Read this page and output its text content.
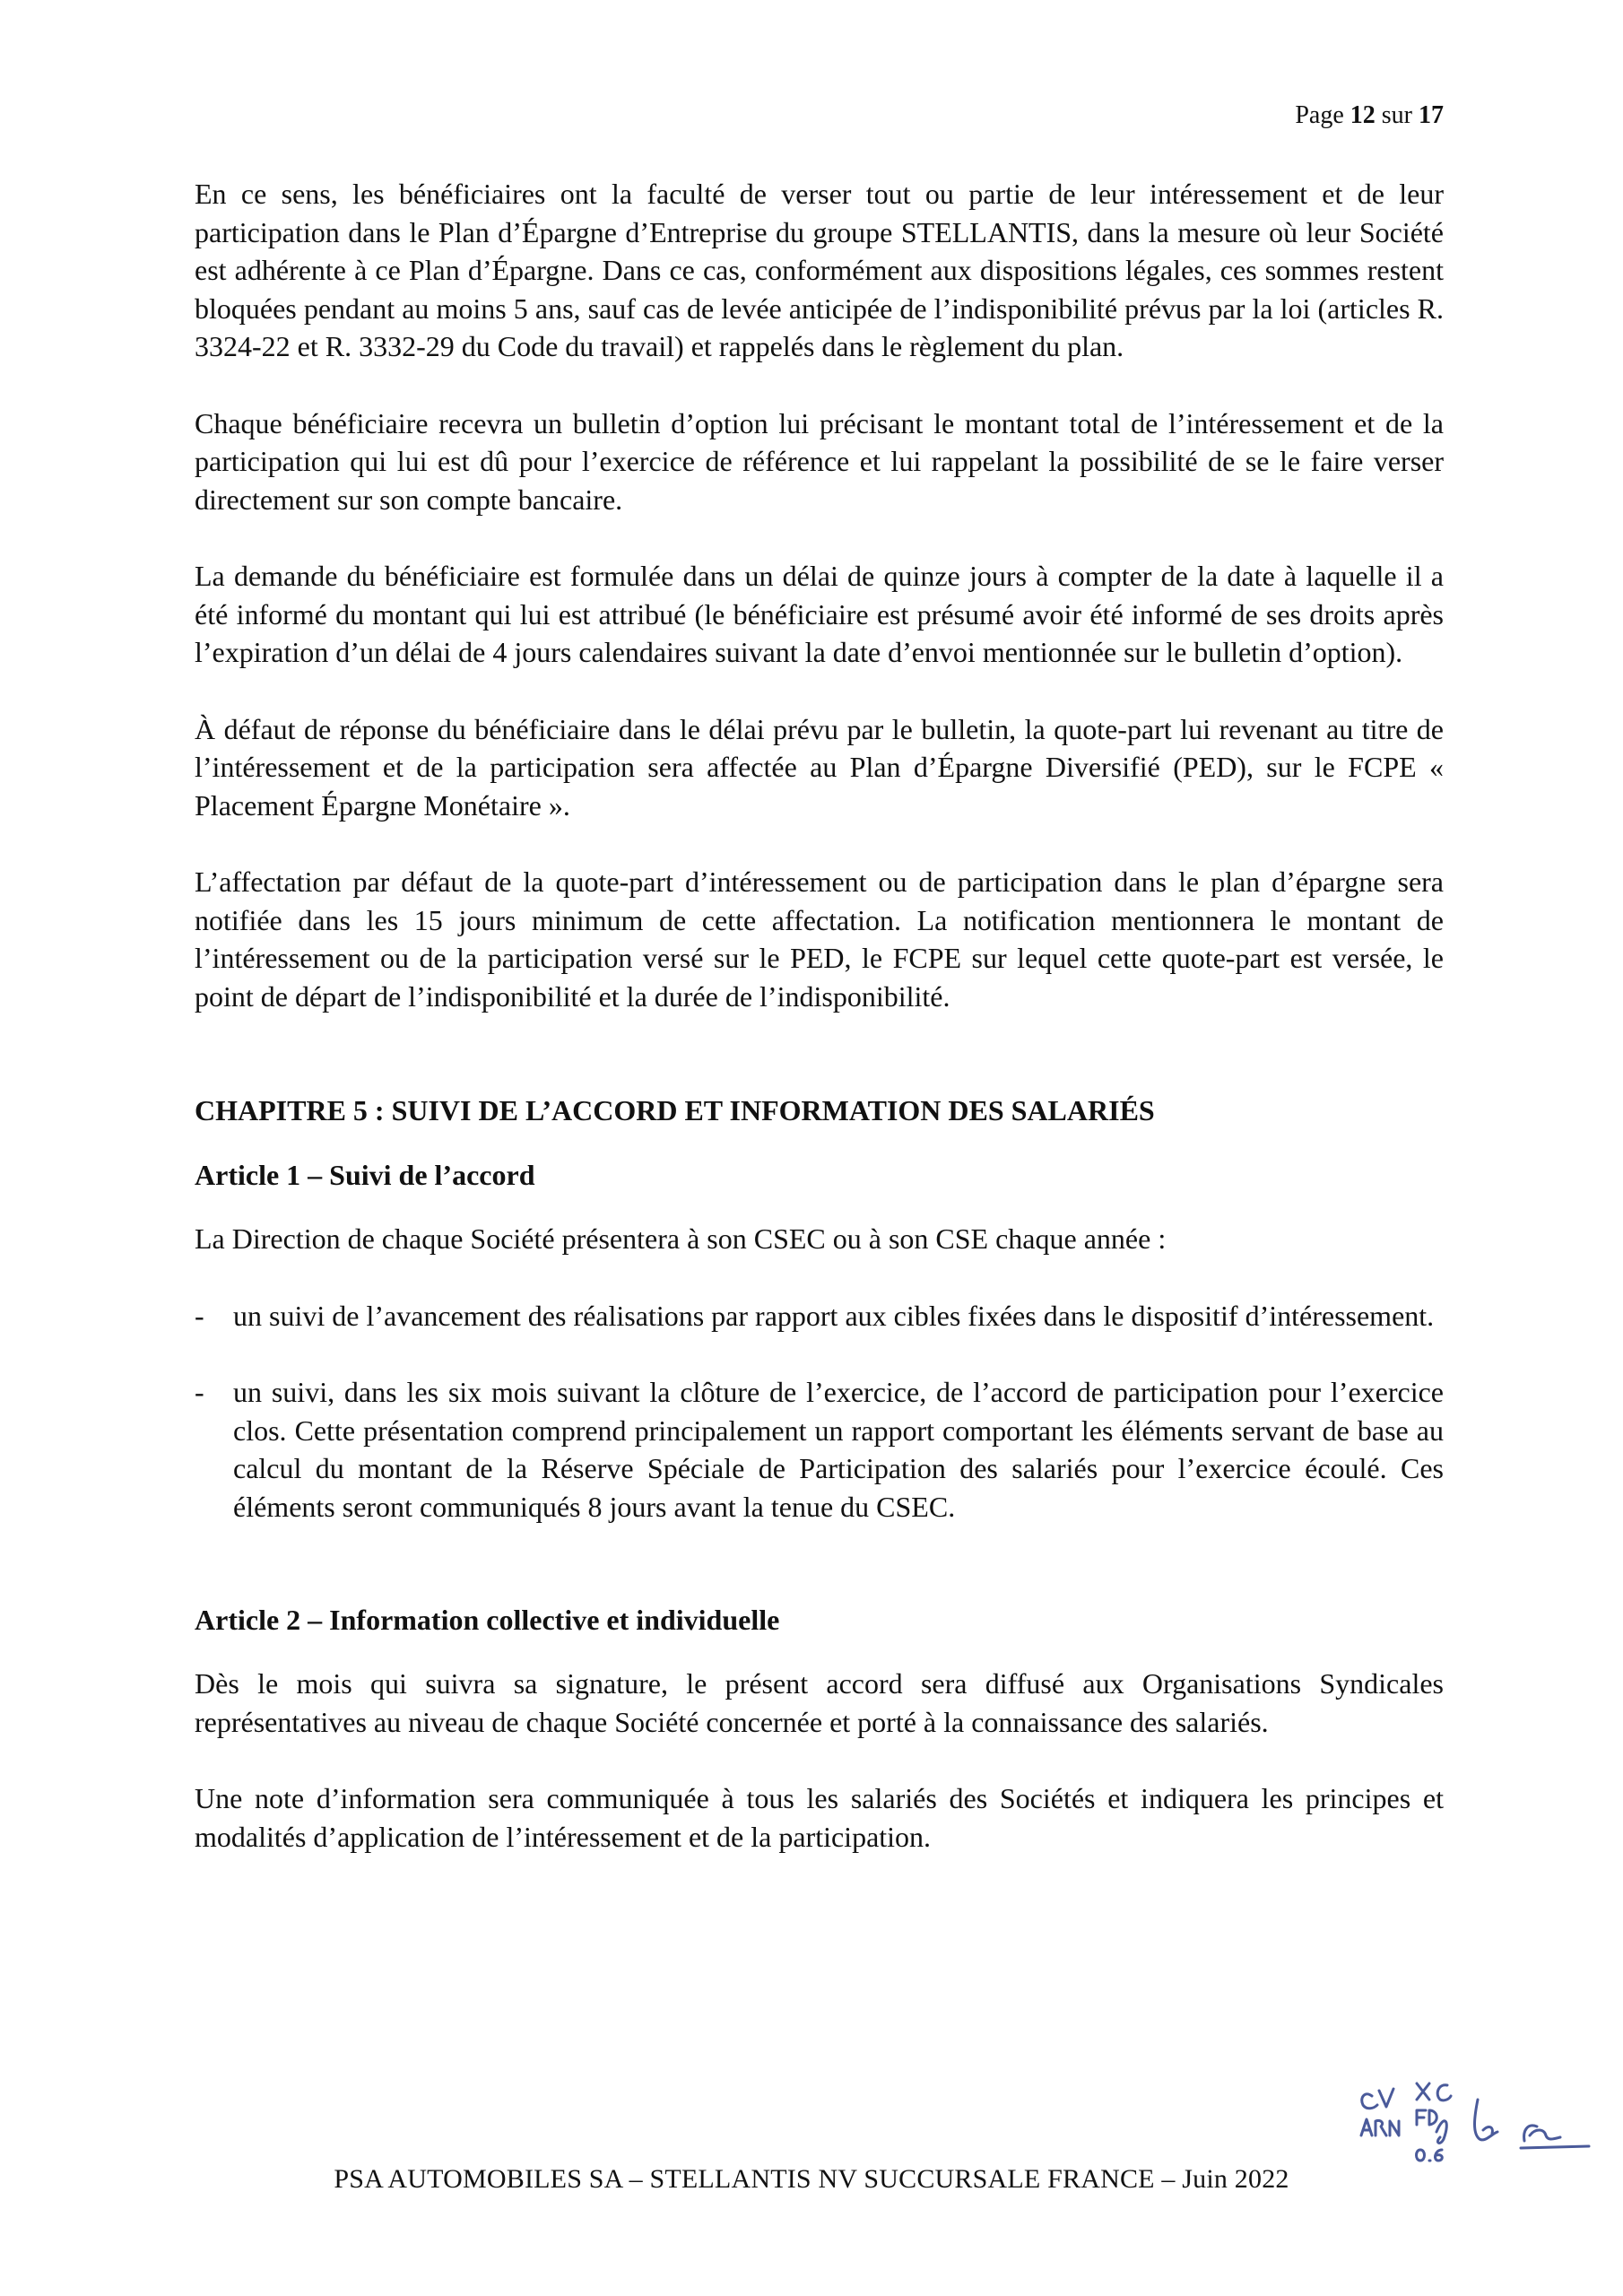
Page 12 sur 17

En ce sens, les bénéficiaires ont la faculté de verser tout ou partie de leur intéressement et de leur participation dans le Plan d’Épargne d’Entreprise du groupe STELLANTIS, dans la mesure où leur Société est adhérente à ce Plan d’Épargne. Dans ce cas, conformément aux dispositions légales, ces sommes restent bloquées pendant au moins 5 ans, sauf cas de levée anticipée de l’indisponibilité prévus par la loi (articles R. 3324-22 et R. 3332-29 du Code du travail) et rappelés dans le règlement du plan.

Chaque bénéficiaire recevra un bulletin d’option lui précisant le montant total de l’intéressement et de la participation qui lui est dû pour l’exercice de référence et lui rappelant la possibilité de se le faire verser directement sur son compte bancaire.

La demande du bénéficiaire est formulée dans un délai de quinze jours à compter de la date à laquelle il a été informé du montant qui lui est attribué (le bénéficiaire est présumé avoir été informé de ses droits après l’expiration d’un délai de 4 jours calendaires suivant la date d’envoi mentionnée sur le bulletin d’option).

À défaut de réponse du bénéficiaire dans le délai prévu par le bulletin, la quote-part lui revenant au titre de l’intéressement et de la participation sera affectée au Plan d’Épargne Diversifié (PED), sur le FCPE « Placement Épargne Monétaire ».

L’affectation par défaut de la quote-part d’intéressement ou de participation dans le plan d’épargne sera notifiée dans les 15 jours minimum de cette affectation. La notification mentionnera le montant de l’intéressement ou de la participation versé sur le PED, le FCPE sur lequel cette quote-part est versée, le point de départ de l’indisponibilité et la durée de l’indisponibilité.

CHAPITRE 5 : SUIVI DE L’ACCORD ET INFORMATION DES SALARIÉS
Article 1 – Suivi de l’accord

La Direction de chaque Société présentera à son CSEC ou à son CSE chaque année :

- un suivi de l’avancement des réalisations par rapport aux cibles fixées dans le dispositif d’intéressement.
- un suivi, dans les six mois suivant la clôture de l’exercice, de l’accord de participation pour l’exercice clos. Cette présentation comprend principalement un rapport comportant les éléments servant de base au calcul du montant de la Réserve Spéciale de Participation des salariés pour l’exercice écoulé. Ces éléments seront communiqués 8 jours avant la tenue du CSEC.
Article 2 – Information collective et individuelle

Dès le mois qui suivra sa signature, le présent accord sera diffusé aux Organisations Syndicales représentatives au niveau de chaque Société concernée et porté à la connaissance des salariés.

Une note d’information sera communiquée à tous les salariés des Sociétés et indiquera les principes et modalités d’application de l’intéressement et de la participation.

PSA AUTOMOBILES SA – STELLANTIS NV SUCCURSALE FRANCE – Juin 2022
